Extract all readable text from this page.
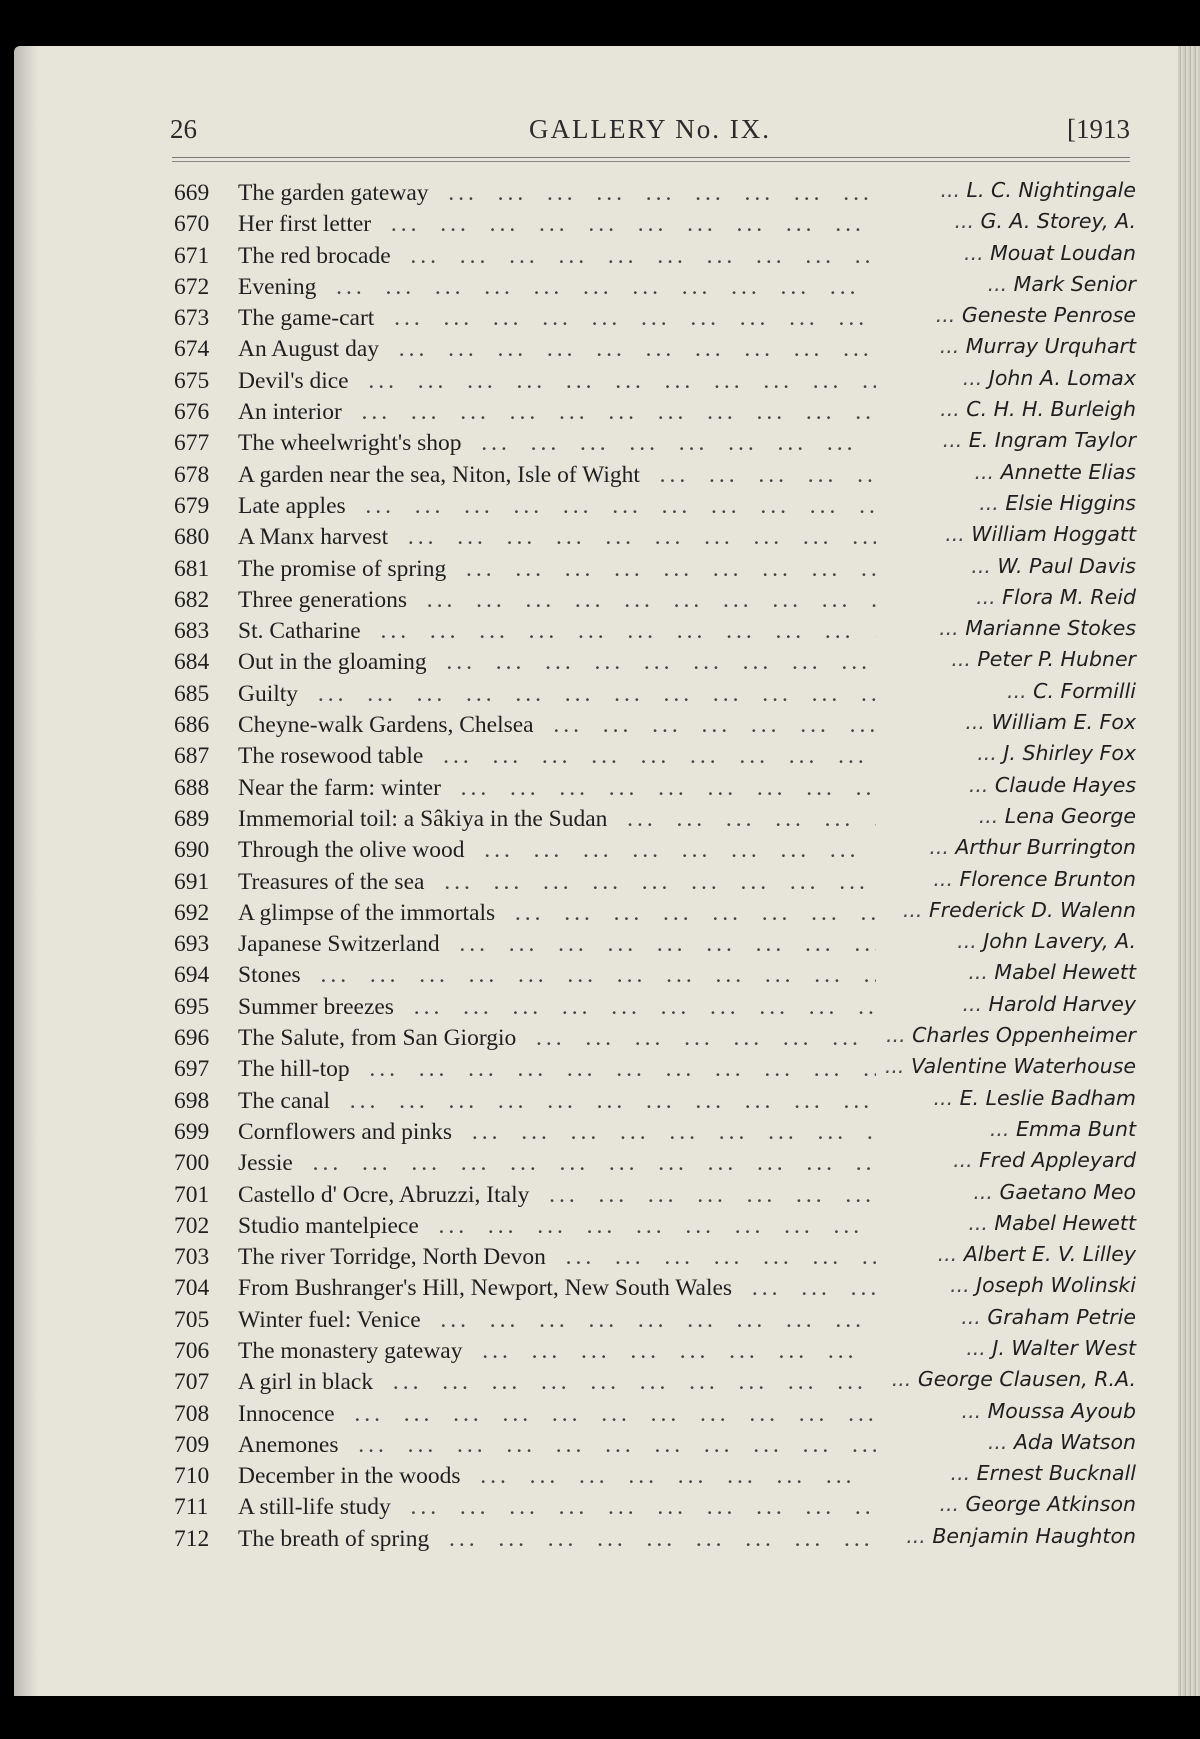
26	GALLERY No. IX.	[1913
669	The garden gateway ...	... L. C. Nightingale
670	Her first letter ...	... G. A. Storey, A.
671	The red brocade ...	... Mouat Loudan
672	Evening ...	... Mark Senior
673	The game-cart ...	... Geneste Penrose
674	An August day ...	... Murray Urquhart
675	Devil's dice ...	... John A. Lomax
676	An interior ...	... C. H. H. Burleigh
677	The wheelwright's shop ...	... E. Ingram Taylor
678	A garden near the sea, Niton, Isle of Wight ...	... Annette Elias
679	Late apples ...	... Elsie Higgins
680	A Manx harvest ...	... William Hoggatt
681	The promise of spring ...	... W. Paul Davis
682	Three generations ...	... Flora M. Reid
683	St. Catharine ...	... Marianne Stokes
684	Out in the gloaming ...	... Peter P. Hubner
685	Guilty ...	... C. Formilli
686	Cheyne-walk Gardens, Chelsea ...	... William E. Fox
687	The rosewood table ...	... J. Shirley Fox
688	Near the farm: winter ...	... Claude Hayes
689	Immemorial toil: a Sâkiya in the Sudan ...	... Lena George
690	Through the olive wood ...	... Arthur Burrington
691	Treasures of the sea ...	... Florence Brunton
692	A glimpse of the immortals ...	... Frederick D. Walenn
693	Japanese Switzerland ...	... John Lavery, A.
694	Stones ...	... Mabel Hewett
695	Summer breezes ...	... Harold Harvey
696	The Salute, from San Giorgio ...	... Charles Oppenheimer
697	The hill-top ...	... Valentine Waterhouse
698	The canal ...	... E. Leslie Badham
699	Cornflowers and pinks ...	... Emma Bunt
700	Jessie ...	... Fred Appleyard
701	Castello d' Ocre, Abruzzi, Italy ...	... Gaetano Meo
702	Studio mantelpiece ...	... Mabel Hewett
703	The river Torridge, North Devon ...	... Albert E. V. Lilley
704	From Bushranger's Hill, Newport, New South Wales ...	... Joseph Wolinski
705	Winter fuel: Venice ...	... Graham Petrie
706	The monastery gateway ...	... J. Walter West
707	A girl in black ...	... George Clausen, R.A.
708	Innocence ...	... Moussa Ayoub
709	Anemones ...	... Ada Watson
710	December in the woods ...	... Ernest Bucknall
711	A still-life study ...	... George Atkinson
712	The breath of spring ...	... Benjamin Haughton
